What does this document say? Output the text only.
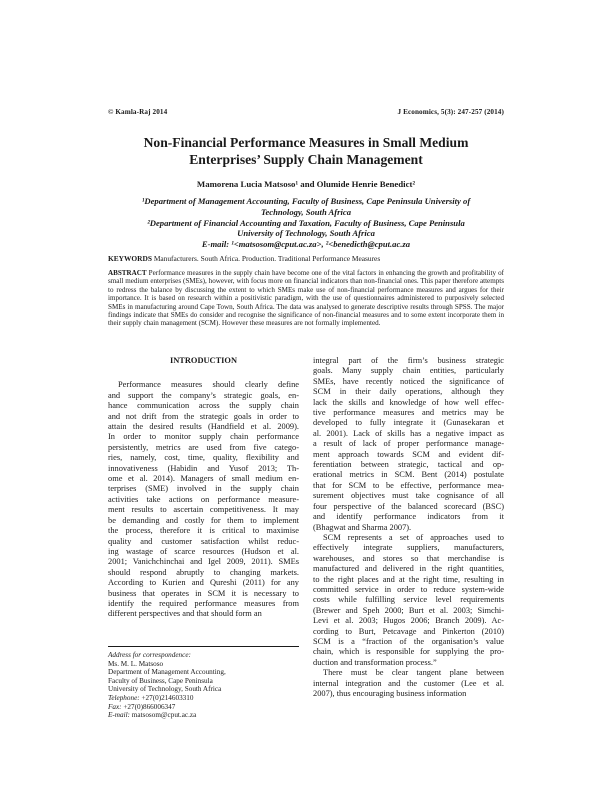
© Kamla-Raj 2014	J Economics, 5(3): 247-257 (2014)
Non-Financial Performance Measures in Small Medium
Enterprises’ Supply Chain Management
Mamorena Lucia Matsoso¹ and Olumide Henrie Benedict²
¹Department of Management Accounting, Faculty of Business, Cape Peninsula University of
Technology, South Africa
²Department of Financial Accounting and Taxation, Faculty of Business, Cape Peninsula
University of Technology, South Africa
E-mail: ¹<matsosom@cput.ac.za>, ²<benedicth@cput.ac.za
KEYWORDS Manufacturers. South Africa. Production. Traditional Performance Measures
ABSTRACT Performance measures in the supply chain have become one of the vital factors in enhancing the growth and profitability of small medium enterprises (SMEs), however, with focus more on financial indicators than non-financial ones. This paper therefore attempts to redress the balance by discussing the extent to which SMEs make use of non-financial performance measures and argues for their importance. It is based on research within a positivistic paradigm, with the use of questionnaires administered to purposively selected SMEs in manufacturing around Cape Town, South Africa. The data was analysed to generate descriptive results through SPSS. The major findings indicate that SMEs do consider and recognise the significance of non-financial measures and to some extent incorporate them in their supply chain management (SCM). However these measures are not formally implemented.
INTRODUCTION
Performance measures should clearly define
and support the company’s strategic goals, en-
hance communication across the supply chain
and not drift from the strategic goals in order to
attain the desired results (Handfield et al. 2009).
In order to monitor supply chain performance
persistently, metrics are used from five catego-
ries, namely, cost, time, quality, flexibility and
innovativeness (Habidin and Yusof 2013; Th-
ome et al. 2014). Managers of small medium en-
terprises (SME) involved in the supply chain
activities take actions on performance measure-
ment results to ascertain competitiveness. It may
be demanding and costly for them to implement
the process, therefore it is critical to maximise
quality and customer satisfaction whilst reduc-
ing wastage of scarce resources (Hudson et al.
2001; Vanichchinchai and Igel 2009, 2011). SMEs
should respond abruptly to changing markets.
According to Kurien and Qureshi (2011) for any
business that operates in SCM it is necessary to
identify the required performance measures from
different perspectives and that should form an
integral part of the firm’s business strategic
goals. Many supply chain entities, particularly
SMEs, have recently noticed the significance of
SCM in their daily operations, although they
lack the skills and knowledge of how well effec-
tive performance measures and metrics may be
developed to fully integrate it (Gunasekaran et
al. 2001). Lack of skills has a negative impact as
a result of lack of proper performance manage-
ment approach towards SCM and evident dif-
ferentiation between strategic, tactical and op-
erational metrics in SCM. Bent (2014) postulate
that for SCM to be effective, performance mea-
surement objectives must take cognisance of all
four perspective of the balanced scorecard (BSC)
and identify performance indicators from it
(Bhagwat and Sharma 2007).
SCM represents a set of approaches used to
effectively integrate suppliers, manufacturers,
warehouses, and stores so that merchandise is
manufactured and delivered in the right quantities,
to the right places and at the right time, resulting in
committed service in order to reduce system-wide
costs while fulfilling service level requirements
(Brewer and Speh 2000; Burt et al. 2003; Simchi-
Levi et al. 2003; Hugos 2006; Branch 2009). Ac-
cording to Burt, Petcavage and Pinkerton (2010)
SCM is a “fraction of the organisation’s value
chain, which is responsible for supplying the pro-
duction and transformation process.”
There must be clear tangent plane between
internal integration and the customer (Lee et al.
2007), thus encouraging business information
Address for correspondence:
Ms. M. L. Matsoso
Department of Management Accounting,
Faculty of Business, Cape Peninsula
University of Technology, South Africa
Telephone: +27(0)214603310
Fax: +27(0)866006347
E-mail: matsosom@cput.ac.za
